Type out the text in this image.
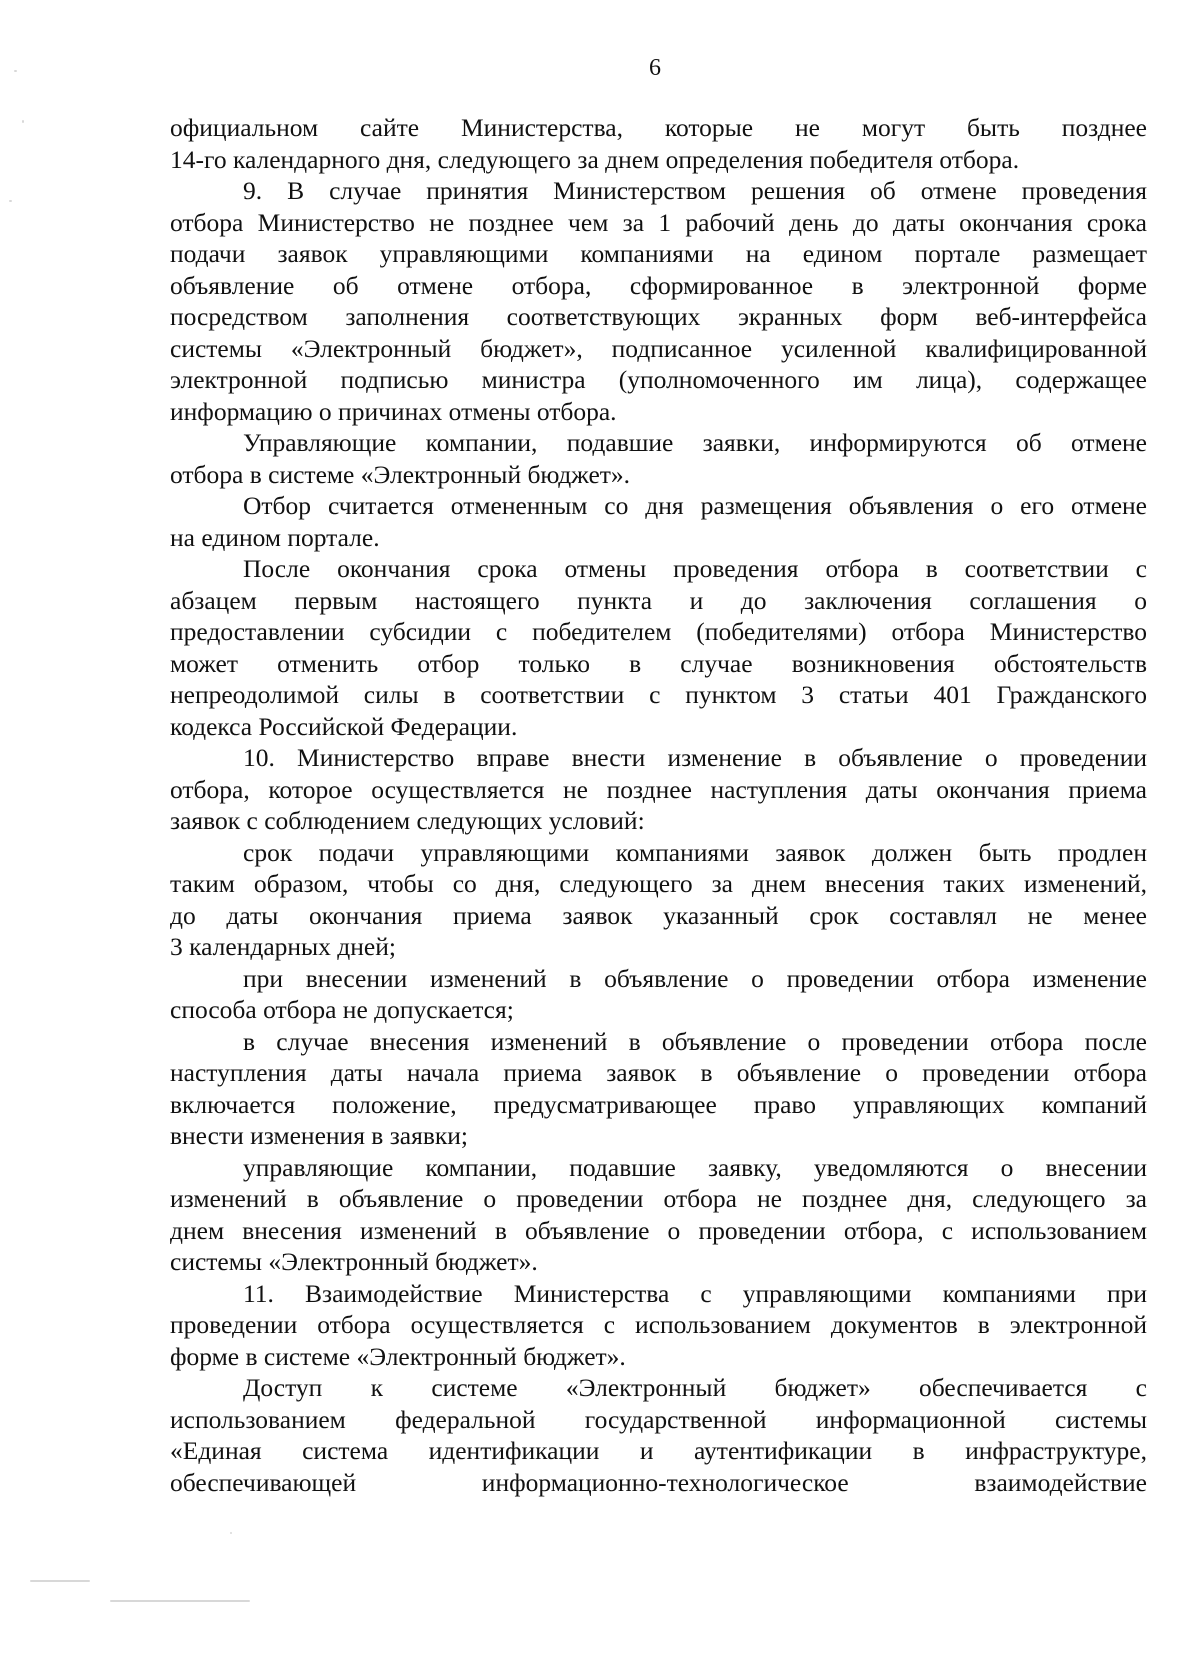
6
официальном сайте Министерства, которые не могут быть позднее
14-го календарного дня, следующего за днем определения победителя отбора.
9. В случае принятия Министерством решения об отмене проведения
отбора Министерство не позднее чем за 1 рабочий день до даты окончания срока
подачи заявок управляющими компаниями на едином портале размещает
объявление об отмене отбора, сформированное в электронной форме
посредством заполнения соответствующих экранных форм веб-интерфейса
системы «Электронный бюджет», подписанное усиленной квалифицированной
электронной подписью министра (уполномоченного им лица), содержащее
информацию о причинах отмены отбора.
Управляющие компании, подавшие заявки, информируются об отмене
отбора в системе «Электронный бюджет».
Отбор считается отмененным со дня размещения объявления о его отмене
на едином портале.
После окончания срока отмены проведения отбора в соответствии с
абзацем первым настоящего пункта и до заключения соглашения о
предоставлении субсидии с победителем (победителями) отбора Министерство
может отменить отбор только в случае возникновения обстоятельств
непреодолимой силы в соответствии с пунктом 3 статьи 401 Гражданского
кодекса Российской Федерации.
10. Министерство вправе внести изменение в объявление о проведении
отбора, которое осуществляется не позднее наступления даты окончания приема
заявок с соблюдением следующих условий:
срок подачи управляющими компаниями заявок должен быть продлен
таким образом, чтобы со дня, следующего за днем внесения таких изменений,
до даты окончания приема заявок указанный срок составлял не менее
3 календарных дней;
при внесении изменений в объявление о проведении отбора изменение
способа отбора не допускается;
в случае внесения изменений в объявление о проведении отбора после
наступления даты начала приема заявок в объявление о проведении отбора
включается положение, предусматривающее право управляющих компаний
внести изменения в заявки;
управляющие компании, подавшие заявку, уведомляются о внесении
изменений в объявление о проведении отбора не позднее дня, следующего за
днем внесения изменений в объявление о проведении отбора, с использованием
системы «Электронный бюджет».
11. Взаимодействие Министерства с управляющими компаниями при
проведении отбора осуществляется с использованием документов в электронной
форме в системе «Электронный бюджет».
Доступ к системе «Электронный бюджет» обеспечивается с
использованием федеральной государственной информационной системы
«Единая система идентификации и аутентификации в инфраструктуре,
обеспечивающей информационно-технологическое взаимодействие
